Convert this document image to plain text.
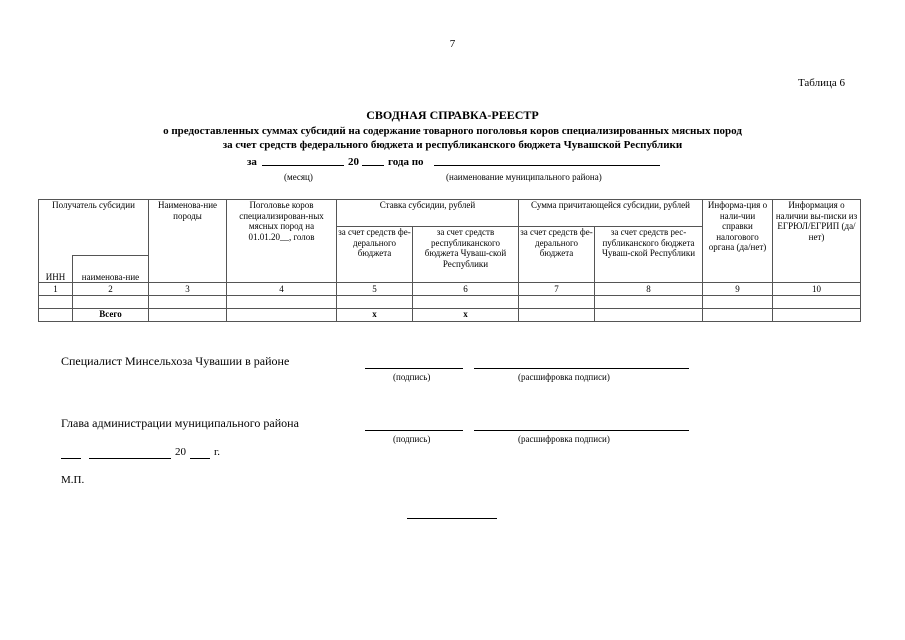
7
Таблица 6
СВОДНАЯ СПРАВКА-РЕЕСТР
о предоставленных суммах субсидий на содержание товарного поголовья коров специализированных мясных пород
за счет средств федерального бюджета и республиканского бюджета Чувашской Республики
за	20	года по
(месяц)	(наименование муниципального района)
Получатель субсидии		Наименова-ние породы	Поголовье коров специализирован-ных мясных пород на 01.01.20__, голов	Ставка субсидии, рублей		Сумма причитающейся субсидии, рублей		Информа-ция о нали-чии справки налогового органа (да/нет)	Информация о наличии вы-писки из ЕГРЮЛ/ЕГРИП (да/нет)
				за счет средств фе-дерального бюджета	за счет средств республиканского бюджета Чуваш-ской Республики	за счет средств фе-дерального бюджета	за счет средств рес-публиканского бюджета Чуваш-ской Республики		
ИНН	наименова-ние								
1	2	3	4	5	6	7	8	9	10

	Всего			х	х				
Специалист Минсельхоза Чувашии в районе
(подпись)	(расшифровка подписи)
Глава администрации муниципального района
(подпись)	(расшифровка подписи)
20	г.
М.П.
